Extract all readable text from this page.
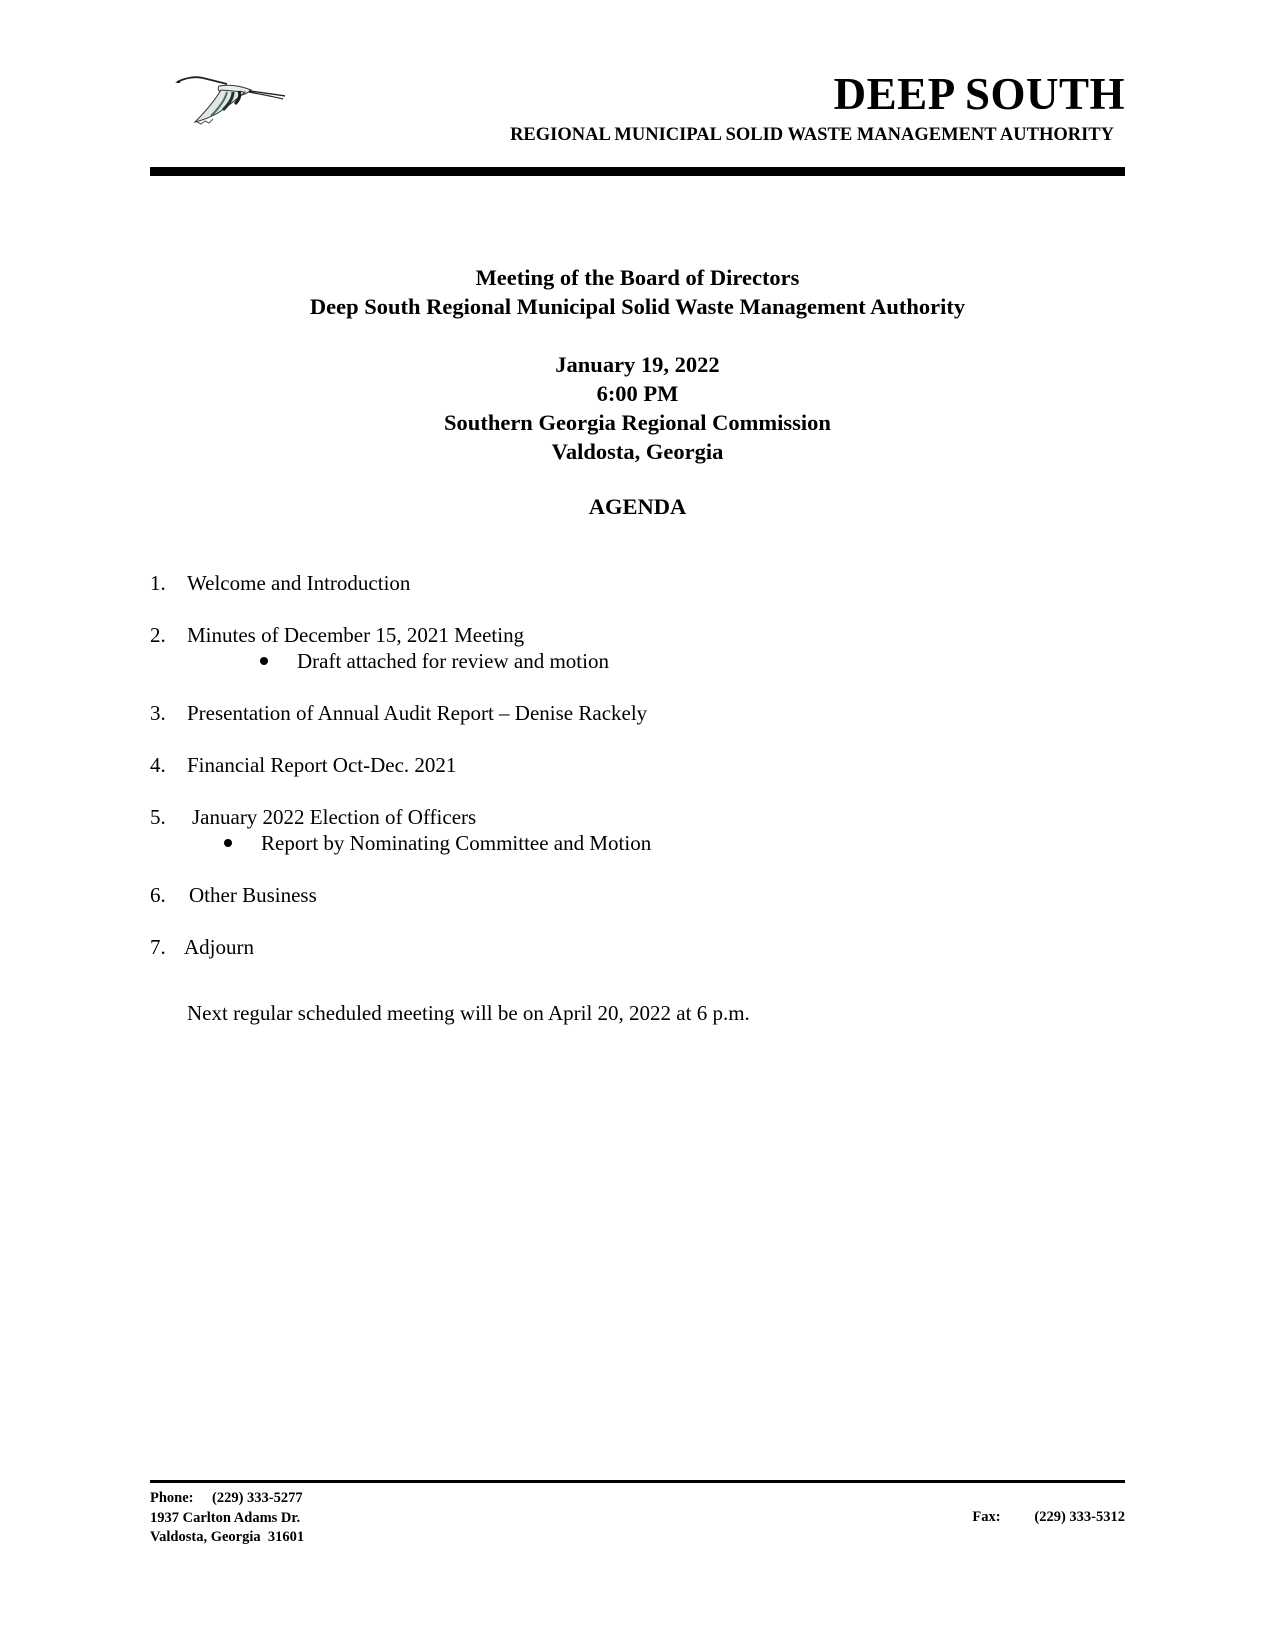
DEEP SOUTH
REGIONAL MUNICIPAL SOLID WASTE MANAGEMENT AUTHORITY
Meeting of the Board of Directors
Deep South Regional Municipal Solid Waste Management Authority
January 19, 2022
6:00 PM
Southern Georgia Regional Commission
Valdosta, Georgia
AGENDA
1. Welcome and Introduction
2. Minutes of December 15, 2021 Meeting
Draft attached for review and motion
3. Presentation of Annual Audit Report – Denise Rackely
4. Financial Report Oct-Dec. 2021
5. January 2022 Election of Officers
Report by Nominating Committee and Motion
6. Other Business
7. Adjourn
Next regular scheduled meeting will be on April 20, 2022 at 6 p.m.
Phone: (229) 333-5277
1937 Carlton Adams Dr.
Valdosta, Georgia  31601
Fax: (229) 333-5312
